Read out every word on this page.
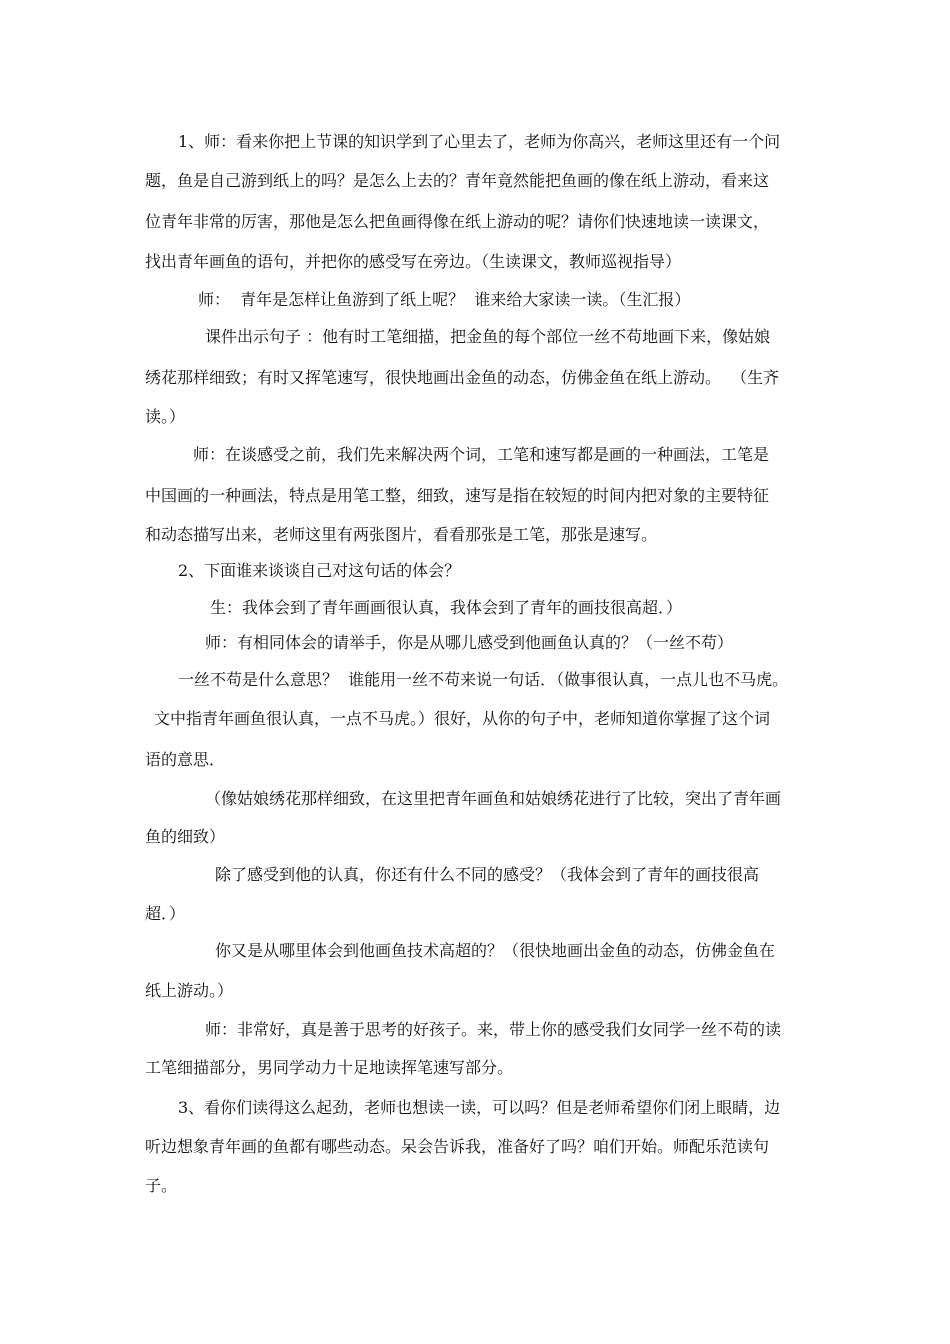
1、师：看来你把上节课的知识学到了心里去了，老师为你高兴，老师这里还有一个问
题，鱼是自己游到纸上的吗？是怎么上去的？青年竟然能把鱼画的像在纸上游动，看来这
位青年非常的厉害，那他是怎么把鱼画得像在纸上游动的呢？请你们快速地读一读课文，
找出青年画鱼的语句，并把你的感受写在旁边。（生读课文，教师巡视指导）
师：  青年是怎样让鱼游到了纸上呢？  谁来给大家读一读。（生汇报）
课件出示句子 ：他有时工笔细描，把金鱼的每个部位一丝不苟地画下来，像姑娘
绣花那样细致；有时又挥笔速写，很快地画出金鱼的动态，仿佛金鱼在纸上游动。  （生齐
读。）
师：在谈感受之前，我们先来解决两个词，工笔和速写都是画的一种画法，工笔是
中国画的一种画法，特点是用笔工整，细致，速写是指在较短的时间内把对象的主要特征
和动态描写出来，老师这里有两张图片，看看那张是工笔，那张是速写。
2、下面谁来谈谈自己对这句话的体会？
生：我体会到了青年画画很认真，我体会到了青年的画技很高超．）
师：有相同体会的请举手，你是从哪儿感受到他画鱼认真的？（一丝不苟）
一丝不苟是什么意思？  谁能用一丝不苟来说一句话．（做事很认真，一点儿也不马虎。
文中指青年画鱼很认真，一点不马虎。）很好，从你的句子中，老师知道你掌握了这个词
语的意思．
（像姑娘绣花那样细致，在这里把青年画鱼和姑娘绣花进行了比较，突出了青年画
鱼的细致）
除了感受到他的认真，你还有什么不同的感受？（我体会到了青年的画技很高
超．）
你又是从哪里体会到他画鱼技术高超的？（很快地画出金鱼的动态，仿佛金鱼在
纸上游动。）
师：非常好，真是善于思考的好孩子。来，带上你的感受我们女同学一丝不苟的读
工笔细描部分，男同学动力十足地读挥笔速写部分。
3、看你们读得这么起劲，老师也想读一读，可以吗？但是老师希望你们闭上眼睛，边
听边想象青年画的鱼都有哪些动态。呆会告诉我，准备好了吗？咱们开始。师配乐范读句
子。
